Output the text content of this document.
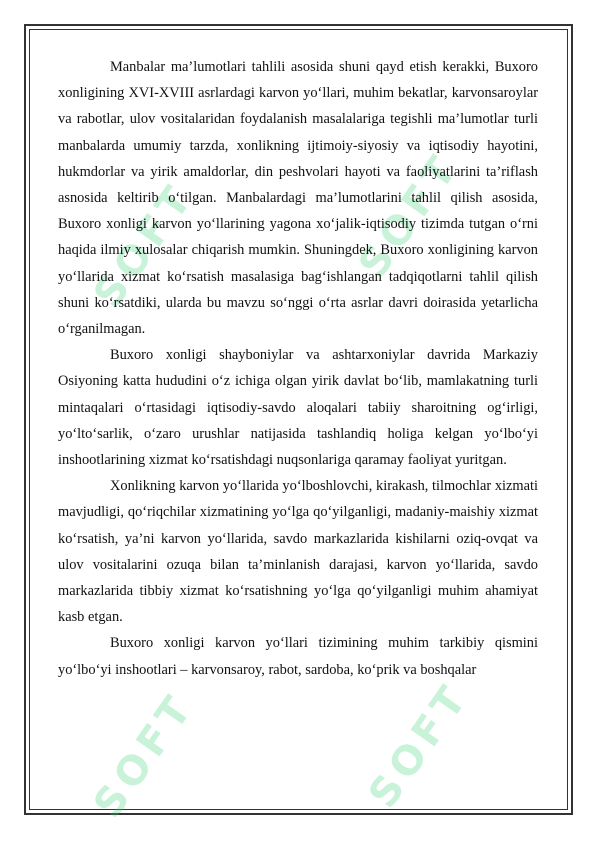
SOFT	SOFT
SOFT	SOFT

Manbalar ma’lumotlari tahlili asosida shuni qayd etish kerakki, Buxoro xonligining XVI-XVIII asrlardagi karvon yo‘llari, muhim bekatlar, karvonsaroylar va rabotlar, ulov vositalaridan foydalanish masalalariga tegishli ma’lumotlar turli manbalarda umumiy tarzda, xonlikning ijtimoiy-siyosiy va iqtisodiy hayotini, hukmdorlar va yirik amaldorlar, din peshvolari hayoti va faoliyatlarini ta’riflash asnosida keltirib o‘tilgan. Manbalardagi ma’lumotlarini tahlil qilish asosida, Buxoro xonligi karvon yo‘llarining yagona xo‘jalik-iqtisodiy tizimda tutgan o‘rni haqida ilmiy xulosalar chiqarish mumkin. Shuningdek, Buxoro xonligining karvon yo‘llarida xizmat ko‘rsatish masalasiga bag‘ishlangan tadqiqotlarni tahlil qilish shuni ko‘rsatdiki, ularda bu mavzu so‘nggi o‘rta asrlar davri doirasida yetarlicha o‘rganilmagan.

Buxoro xonligi shayboniylar va ashtarxoniylar davrida Markaziy Osiyoning katta hududini o‘z ichiga olgan yirik davlat bo‘lib, mamlakatning turli mintaqalari o‘rtasidagi iqtisodiy-savdo aloqalari tabiiy sharoitning og‘irligi, yo‘lto‘sarlik, o‘zaro urushlar natijasida tashlandiq holiga kelgan yo‘lbo‘yi inshootlarining xizmat ko‘rsatishdagi nuqsonlariga qaramay faoliyat yuritgan.

Xonlikning karvon yo‘llarida yo‘lboshlovchi, kirakash, tilmochlar xizmati mavjudligi, qo‘riqchilar xizmatining yo‘lga qo‘yilganligi, madaniy-maishiy xizmat ko‘rsatish, ya’ni karvon yo‘llarida, savdo markazlarida kishilarni oziq-ovqat va ulov vositalarini ozuqa bilan ta’minlanish darajasi, karvon yo‘llarida, savdo markazlarida tibbiy xizmat ko‘rsatishning yo‘lga qo‘yilganligi muhim ahamiyat kasb etgan.

Buxoro xonligi karvon yo‘llari tizimining muhim tarkibiy qismini yo‘lbo‘yi inshootlari – karvonsaroy, rabot, sardoba, ko‘prik va boshqalar
